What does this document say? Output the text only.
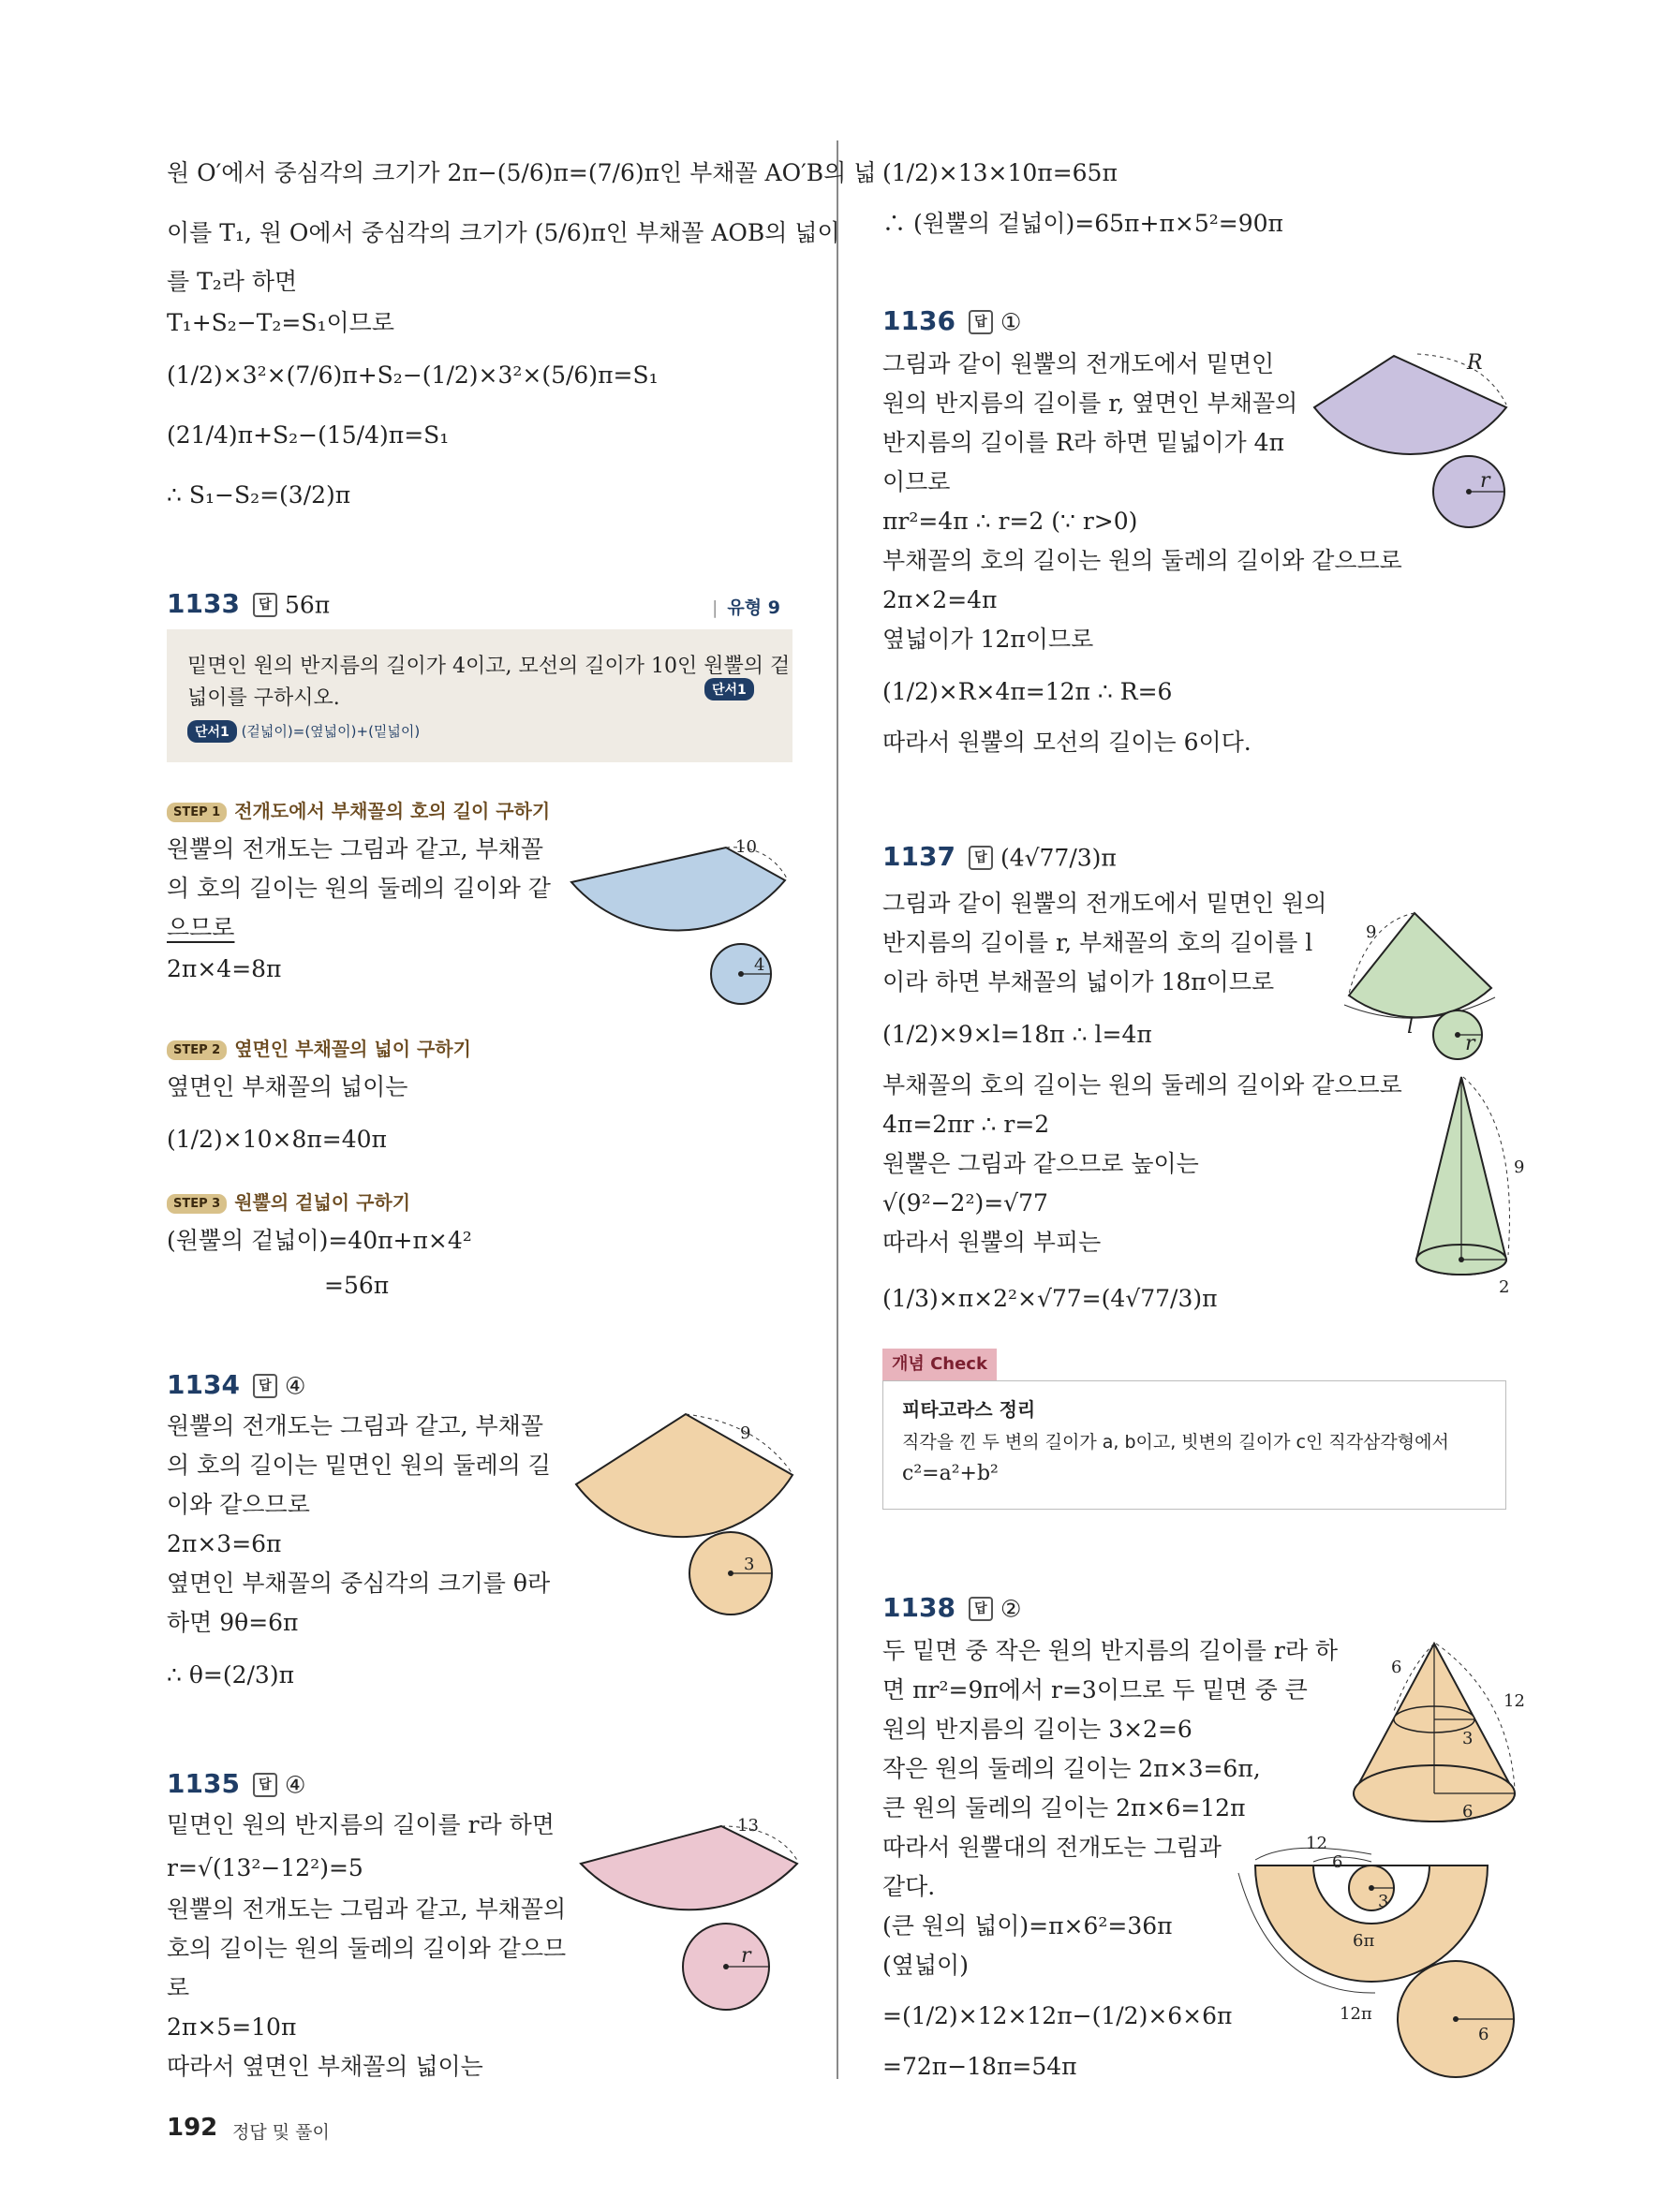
원 O′에서 중심각의 크기가 2π−(5/6)π=(7/6)π인 부채꼴 AO′B의 넓
이를 T₁, 원 O에서 중심각의 크기가 (5/6)π인 부채꼴 AOB의 넓이
를 T₂라 하면
T₁+S₂−T₂=S₁이므로
(1/2)×3²×(7/6)π+S₂−(1/2)×3²×(5/6)π=S₁
(21/4)π+S₂−(15/4)π=S₁
∴ S₁−S₂=(3/2)π
1133 답 56π
|	유형 9
밑면인 원의 반지름의 길이가 4이고, 모선의 길이가 10인 원뿔의 겉
넓이를 구하시오.	단서1
단서1 (겉넓이)=(옆넓이)+(밑넓이)
STEP 1 전개도에서 부채꼴의 호의 길이 구하기
원뿔의 전개도는 그림과 같고, 부채꼴
의 호의 길이는 원의 둘레의 길이와 같
으므로
2π×4=8π
10
4
STEP 2 옆면인 부채꼴의 넓이 구하기
옆면인 부채꼴의 넓이는
(1/2)×10×8π=40π
STEP 3 원뿔의 겉넓이 구하기
(원뿔의 겉넓이)=40π+π×4²
=56π
1134 답 ④
원뿔의 전개도는 그림과 같고, 부채꼴
의 호의 길이는 밑면인 원의 둘레의 길
이와 같으므로
2π×3=6π
옆면인 부채꼴의 중심각의 크기를 θ라
하면 9θ=6π
∴ θ=(2/3)π
9
3
1135 답 ④
밑면인 원의 반지름의 길이를 r라 하면
r=√(13²−12²)=5
원뿔의 전개도는 그림과 같고, 부채꼴의
호의 길이는 원의 둘레의 길이와 같으므
로
2π×5=10π
따라서 옆면인 부채꼴의 넓이는
13
r
(1/2)×13×10π=65π
∴ (원뿔의 겉넓이)=65π+π×5²=90π
1136 답 ①
그림과 같이 원뿔의 전개도에서 밑면인
원의 반지름의 길이를 r, 옆면인 부채꼴의
반지름의 길이를 R라 하면 밑넓이가 4π
이므로
πr²=4π ∴ r=2 (∵ r>0)
부채꼴의 호의 길이는 원의 둘레의 길이와 같으므로
2π×2=4π
옆넓이가 12π이므로
(1/2)×R×4π=12π ∴ R=6
따라서 원뿔의 모선의 길이는 6이다.
R
r
1137 답 (4√77/3)π
그림과 같이 원뿔의 전개도에서 밑면인 원의
반지름의 길이를 r, 부채꼴의 호의 길이를 l
이라 하면 부채꼴의 넓이가 18π이므로
(1/2)×9×l=18π ∴ l=4π
부채꼴의 호의 길이는 원의 둘레의 길이와 같으므로
4π=2πr ∴ r=2
원뿔은 그림과 같으므로 높이는
√(9²−2²)=√77
따라서 원뿔의 부피는
(1/3)×π×2²×√77=(4√77/3)π
9
l
r
9
2
개념 Check
피타고라스 정리
직각을 낀 두 변의 길이가 a, b이고, 빗변의 길이가 c인 직각삼각형에서
c²=a²+b²
1138 답 ②
두 밑면 중 작은 원의 반지름의 길이를 r라 하
면 πr²=9π에서 r=3이므로 두 밑면 중 큰
원의 반지름의 길이는 3×2=6
작은 원의 둘레의 길이는 2π×3=6π,
큰 원의 둘레의 길이는 2π×6=12π
따라서 원뿔대의 전개도는 그림과
같다.
(큰 원의 넓이)=π×6²=36π
(옆넓이)
=(1/2)×12×12π−(1/2)×6×6π
=72π−18π=54π
6
12
3
6
3
6
12
6
6π
12π
192 정답 및 풀이
